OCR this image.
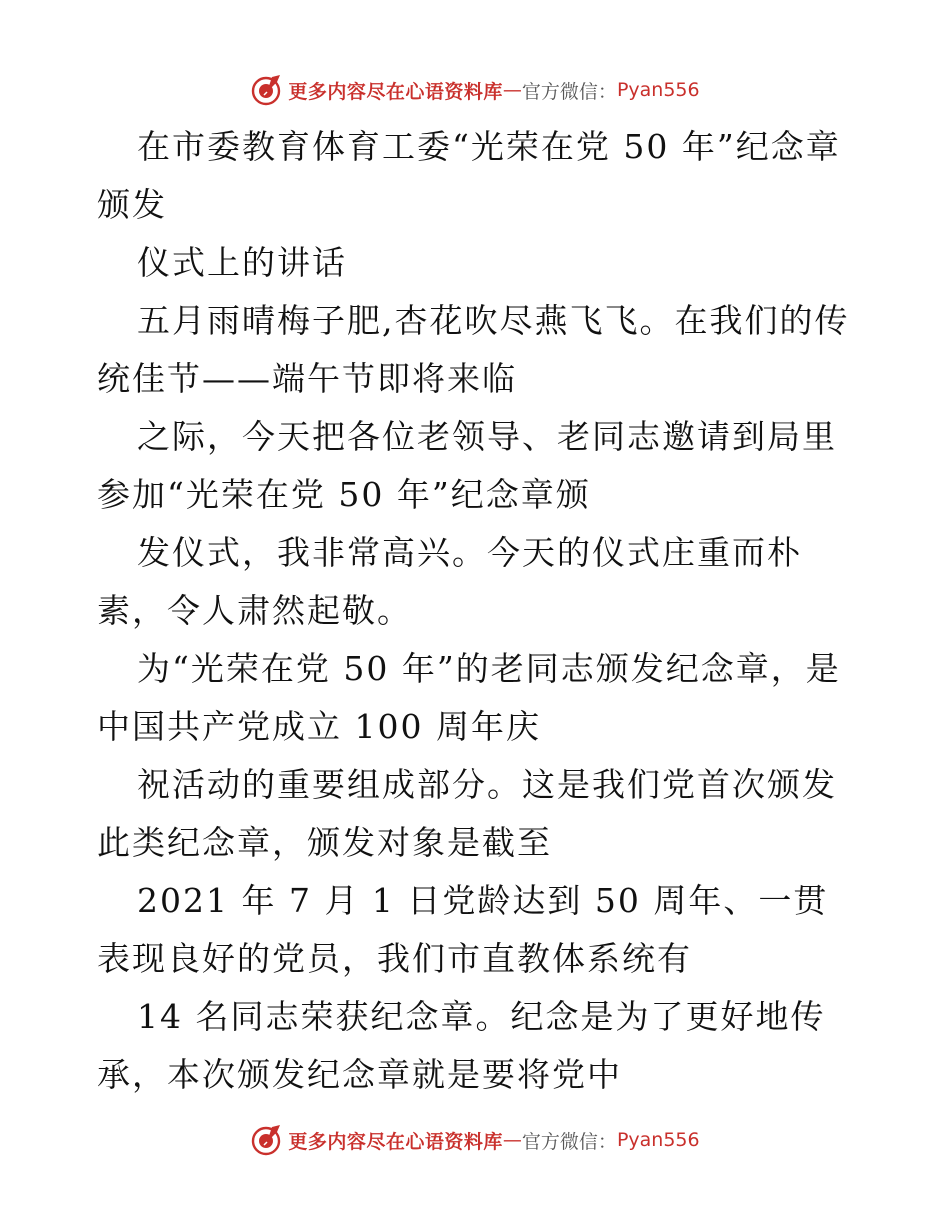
更多内容尽在心语资料库 — 官方微信： Pyan556

在市委教育体育工委“光荣在党 50 年”纪念章颁发

仪式上的讲话

五月雨晴梅子肥,杏花吹尽燕飞飞。在我们的传统佳节——端午节即将来临

之际，今天把各位老领导、老同志邀请到局里参加“光荣在党 50 年”纪念章颁

发仪式，我非常高兴。今天的仪式庄重而朴素，令人肃然起敬。

为“光荣在党 50 年”的老同志颁发纪念章，是中国共产党成立 100 周年庆

祝活动的重要组成部分。这是我们党首次颁发此类纪念章，颁发对象是截至

2021 年 7 月 1 日党龄达到 50 周年、一贯表现良好的党员，我们市直教体系统有

14 名同志荣获纪念章。纪念是为了更好地传承，本次颁发纪念章就是要将党中

更多内容尽在心语资料库 — 官方微信： Pyan556
